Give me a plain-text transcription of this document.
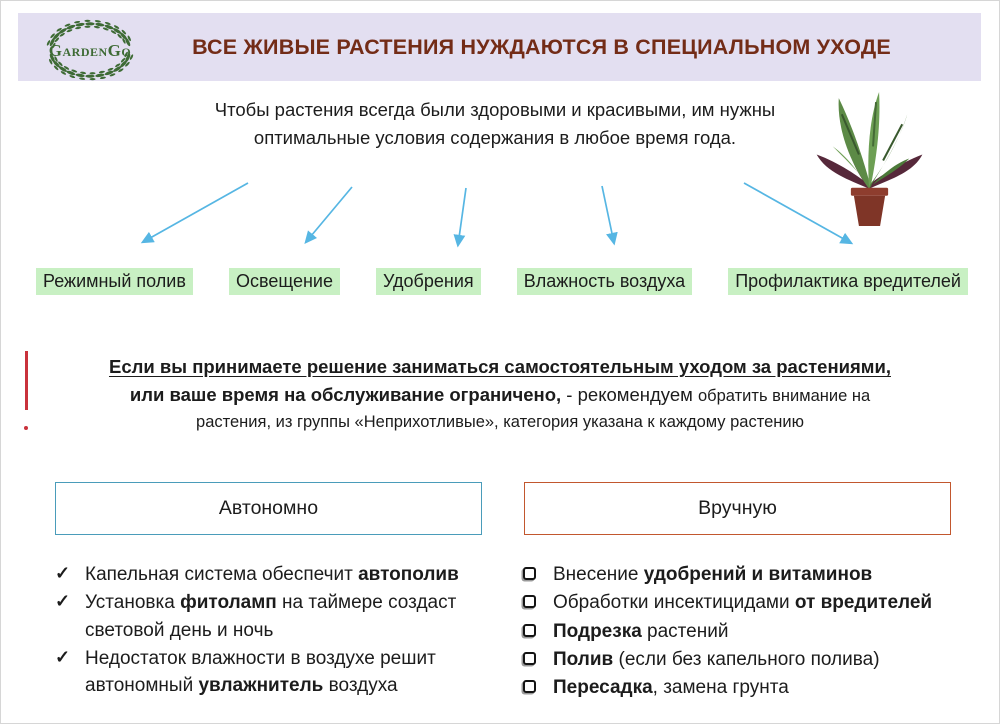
ВСЕ ЖИВЫЕ РАСТЕНИЯ НУЖДАЮТСЯ В СПЕЦИАЛЬНОМ УХОДЕ
GardenGo
Чтобы растения всегда были здоровыми и красивыми, им нужны
оптимальные условия содержания в любое время года.
Режимный полив	Освещение	Удобрения	Влажность воздуха	Профилактика вредителей
Если вы принимаете решение заниматься самостоятельным уходом за растениями,
или ваше время на обслуживание ограничено, - рекомендуем обратить внимание на
растения, из группы «Неприхотливые», категория указана к каждому растению
Автономно	Вручную
✓ Капельная система обеспечит автополив
✓ Установка фитоламп на таймере создаст световой день и ночь
✓ Недостаток влажности в воздухе решит автономный увлажнитель воздуха
Внесение удобрений и витаминов
Обработки инсектицидами от вредителей
Подрезка растений
Полив (если без капельного полива)
Пересадка, замена грунта
